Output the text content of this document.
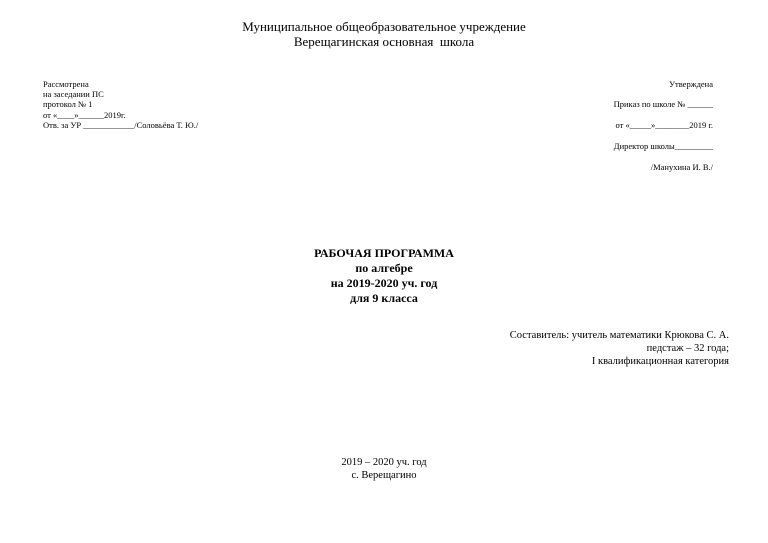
Муниципальное общеобразовательное учреждение
Верещагинская основная  школа
Рассмотрена
на заседании ПС
протокол № 1
от «____»______2019г.
Отв. за УР ____________/Соловьёва Т. Ю./
Утверждена
Приказ по школе № ______
от «_____»________2019 г.
Директор школы_________
/Манухина И. В./
РАБОЧАЯ ПРОГРАММА
по алгебре
на 2019-2020 уч. год
для 9 класса
Составитель: учитель математики Крюкова С. А.
педстаж – 32 года;
I квалификационная категория
2019 – 2020 уч. год
с. Верещагино
